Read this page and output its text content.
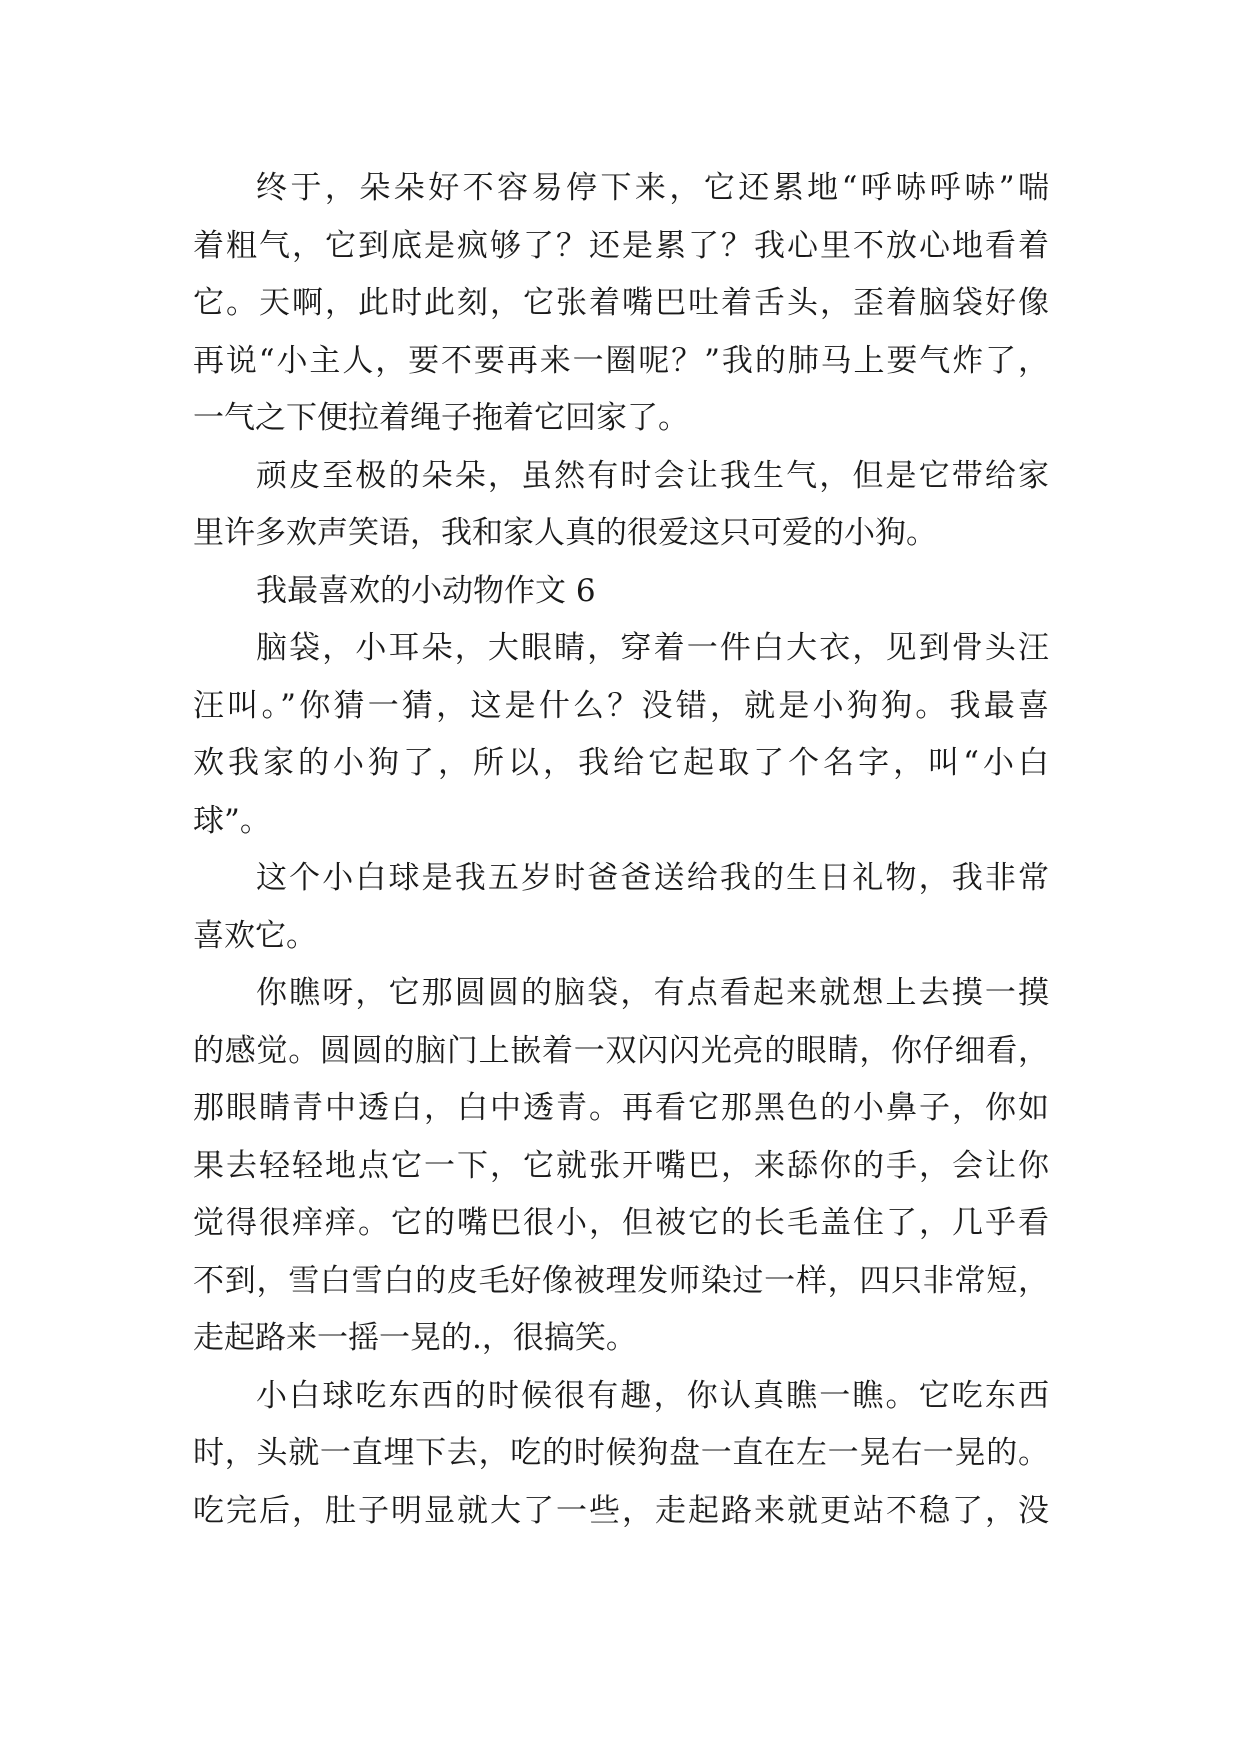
终于，朵朵好不容易停下来，它还累地“呼哧呼哧”喘
着粗气，它到底是疯够了？还是累了？我心里不放心地看着
它。天啊，此时此刻，它张着嘴巴吐着舌头，歪着脑袋好像
再说“小主人，要不要再来一圈呢？”我的肺马上要气炸了，
一气之下便拉着绳子拖着它回家了。
顽皮至极的朵朵，虽然有时会让我生气，但是它带给家
里许多欢声笑语，我和家人真的很爱这只可爱的小狗。
我最喜欢的小动物作文 6
脑袋，小耳朵，大眼睛，穿着一件白大衣，见到骨头汪
汪叫。”你猜一猜，这是什么？没错，就是小狗狗。我最喜
欢我家的小狗了，所以，我给它起取了个名字，叫“小白
球”。
这个小白球是我五岁时爸爸送给我的生日礼物，我非常
喜欢它。
你瞧呀，它那圆圆的脑袋，有点看起来就想上去摸一摸
的感觉。圆圆的脑门上嵌着一双闪闪光亮的眼睛，你仔细看，
那眼睛青中透白，白中透青。再看它那黑色的小鼻子，你如
果去轻轻地点它一下，它就张开嘴巴，来舔你的手，会让你
觉得很痒痒。它的嘴巴很小，但被它的长毛盖住了，几乎看
不到，雪白雪白的皮毛好像被理发师染过一样，四只非常短，
走起路来一摇一晃的.，很搞笑。
小白球吃东西的时候很有趣，你认真瞧一瞧。它吃东西
时，头就一直埋下去，吃的时候狗盘一直在左一晃右一晃的。
吃完后，肚子明显就大了一些，走起路来就更站不稳了，没
